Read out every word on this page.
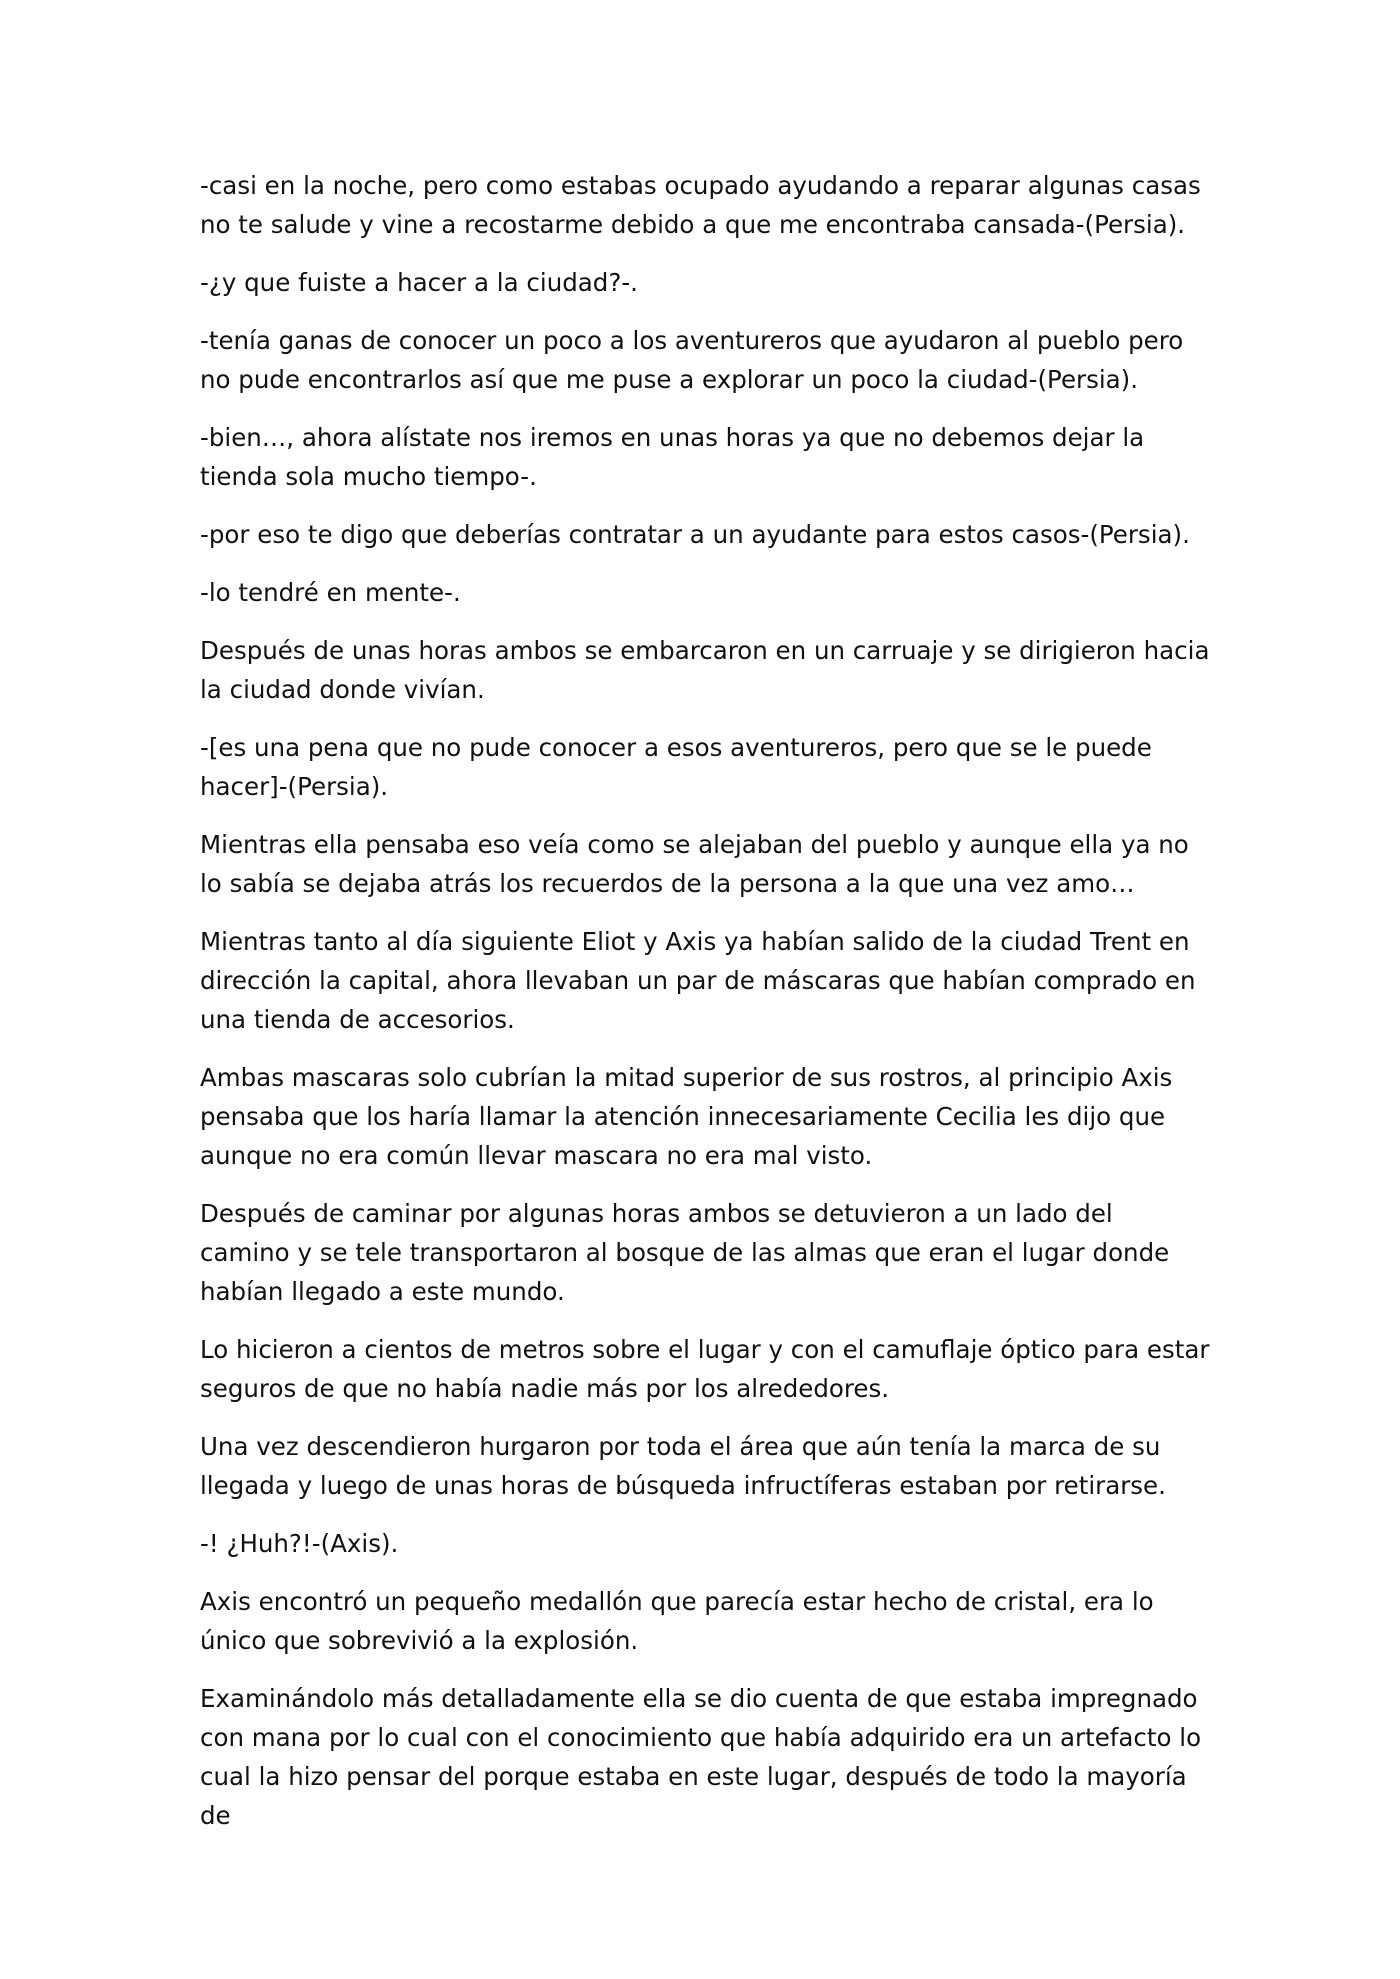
-casi en la noche, pero como estabas ocupado ayudando a reparar algunas casas no te salude y vine a recostarme debido a que me encontraba cansada-(Persia).

-¿y que fuiste a hacer a la ciudad?-.

-tenía ganas de conocer un poco a los aventureros que ayudaron al pueblo pero no pude encontrarlos así que me puse a explorar un poco la ciudad-(Persia).

-bien…, ahora alístate nos iremos en unas horas ya que no debemos dejar la tienda sola mucho tiempo-.

-por eso te digo que deberías contratar a un ayudante para estos casos-(Persia).

-lo tendré en mente-.

Después de unas horas ambos se embarcaron en un carruaje y se dirigieron hacia la ciudad donde vivían.

-[es una pena que no pude conocer a esos aventureros, pero que se le puede hacer]-(Persia).

Mientras ella pensaba eso veía como se alejaban del pueblo y aunque ella ya no lo sabía se dejaba atrás los recuerdos de la persona a la que una vez amo…

Mientras tanto al día siguiente Eliot y Axis ya habían salido de la ciudad Trent en dirección la capital, ahora llevaban un par de máscaras que habían comprado en una tienda de accesorios.

Ambas mascaras solo cubrían la mitad superior de sus rostros, al principio Axis pensaba que los haría llamar la atención innecesariamente Cecilia les dijo que aunque no era común llevar mascara no era mal visto.

Después de caminar por algunas horas ambos se detuvieron a un lado del camino y se tele transportaron al bosque de las almas que eran el lugar donde habían llegado a este mundo.

Lo hicieron a cientos de metros sobre el lugar y con el camuflaje óptico para estar seguros de que no había nadie más por los alrededores.

Una vez descendieron hurgaron por toda el área que aún tenía la marca de su llegada y luego de unas horas de búsqueda infructíferas estaban por retirarse.

-! ¿Huh?!-(Axis).

Axis encontró un pequeño medallón que parecía estar hecho de cristal, era lo único que sobrevivió a la explosión.

Examinándolo más detalladamente ella se dio cuenta de que estaba impregnado con mana por lo cual con el conocimiento que había adquirido era un artefacto lo cual la hizo pensar del porque estaba en este lugar, después de todo la mayoría de
